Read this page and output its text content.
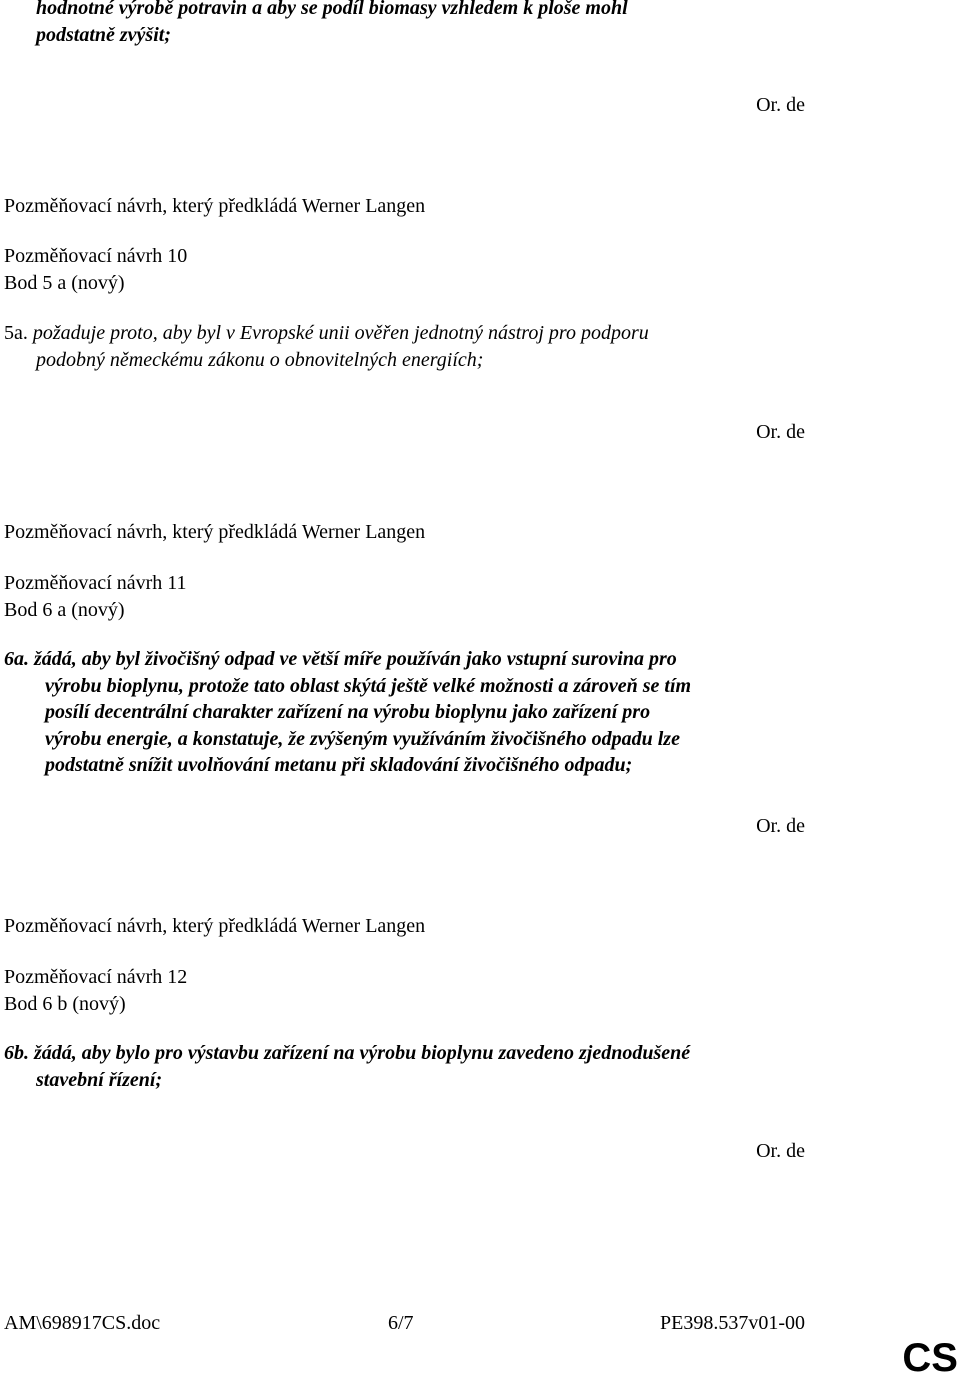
hodnotné výrobě potravin a aby se podíl biomasy vzhledem k ploše mohl
podstatně zvýšit;

Or. de

Pozměňovací návrh, který předkládá Werner Langen

Pozměňovací návrh 10
Bod 5 a (nový)
5a. požaduje proto, aby byl v Evropské unii ověřen jednotný nástroj pro podporu
podobný německému zákonu o obnovitelných energiích;

Or. de

Pozměňovací návrh, který předkládá Werner Langen

Pozměňovací návrh 11
Bod 6 a (nový)
6a. žádá, aby byl živočišný odpad ve větší míře používán jako vstupní surovina pro
výrobu bioplynu, protože tato oblast skýtá ještě velké možnosti a zároveň se tím
posílí decentrální charakter zařízení na výrobu bioplynu jako zařízení pro
výrobu energie, a konstatuje, že zvýšeným využíváním živočišného odpadu lze
podstatně snížit uvolňování metanu při skladování živočišného odpadu;

Or. de

Pozměňovací návrh, který předkládá Werner Langen

Pozměňovací návrh 12
Bod 6 b (nový)
6b. žádá, aby bylo pro výstavbu zařízení na výrobu bioplynu zavedeno zjednodušené
stavební řízení;

Or. de

AM\698917CS.doc	6/7	PE398.537v01-00

CS
